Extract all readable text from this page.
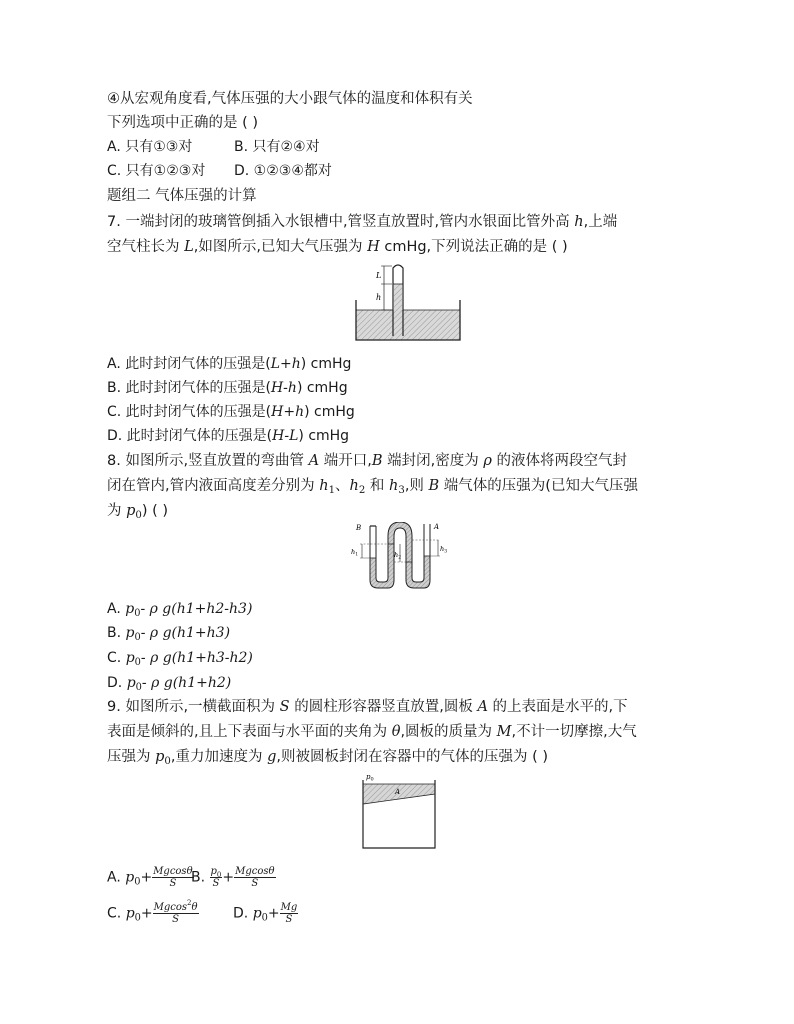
④从宏观角度看,气体压强的大小跟气体的温度和体积有关
下列选项中正确的是 ( )
A. 只有①③对	B. 只有②④对
C. 只有①②③对 D. ①②③④都对
题组二 气体压强的计算
7. 一端封闭的玻璃管倒插入水银槽中,管竖直放置时,管内水银面比管外高 h,上端
空气柱长为 L,如图所示,已知大气压强为 H cmHg,下列说法正确的是 ( )
L
h
A. 此时封闭气体的压强是(L+h) cmHg
B. 此时封闭气体的压强是(H-h) cmHg
C. 此时封闭气体的压强是(H+h) cmHg
D. 此时封闭气体的压强是(H-L) cmHg
8. 如图所示,竖直放置的弯曲管 A 端开口,B 端封闭,密度为 ρ 的液体将两段空气封
闭在管内,管内液面高度差分别为 $h_1$、$h_2$ 和 $h_3$,则 B 端气体的压强为(已知大气压强
为 $p_0$) ( )
B	A
$h_1$	$h_2$
$h_3$
A. $p_0-$ ρ g(h1+h2-h3)
B. $p_0-$ ρ g(h1+h3)
C. $p_0-$ ρ g(h1+h3-h2)
D. $p_0-$ ρ g(h1+h2)
9. 如图所示,一横截面积为 S 的圆柱形容器竖直放置,圆板 A 的上表面是水平的,下
表面是倾斜的,且上下表面与水平面的夹角为 θ,圆板的质量为 M,不计一切摩擦,大气
压强为 $p_0$,重力加速度为 g,则被圆板封闭在容器中的气体的压强为 ( )
$p_0$
A
A. $p_0+ \frac{Mgcos\theta}{S}$
B. $\frac{p_0}{S} + \frac{Mgcos\theta}{S}$
C. $p_0+ \frac{Mgcos^2\theta}{S} D$. $p_0+ \frac{Mg}{S}$
